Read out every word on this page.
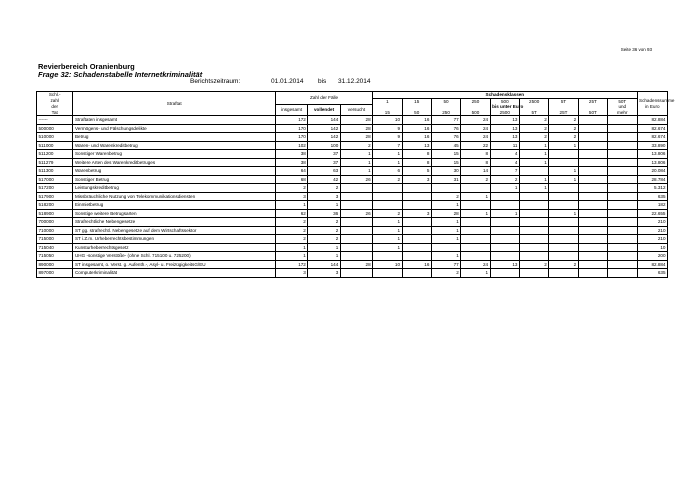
Seite 36 von 93
Revierbereich Oranienburg
Frage 32: Schadenstabelle Internetkriminalität
Berichtszeitraum:	01.01.2014 bis 31.12.2014
Schl.-	Straftat	Zahl der Fälle			Schadensklassen									Schadenssumme
in Euro
zahl					1	15	50	250	500	2500	5T	25T	50T	
der		insgesamt	vollendet	versucht					bis unter Euro				und	
Tat					15	50	250	500	2500	5T	25T	50T	mehr	
------	Straftaten insgesamt	172	144	28	10	16	77	24	13	2	2			82.884
500000	Vermögens- und Fälschungsdelikte	170	142	28	9	16	76	24	13	2	2			82.674
510000	Betrug	170	142	28	9	16	76	24	13	2	2			82.674
511000	Waren- und Warenkreditbetrug	102	100	2	7	13	45	22	11	1	1			33.890
511200	Sonstiger Warenbetrug	38	37	1	1	8	15	8	4	1				13.806
511279	Weitere Arten des Warenkreditbetruges	38	37	1	1	8	15	8	4	1				13.806
511300	Warenbetrug	64	63	1	6	5	30	14	7		1			20.084
517000	Sonstiger Betrug	68	42	26	2	3	31	2	2	1	1			28.784
517200	Leistungskreditbetrug	2	2						1	1				5.312
517900	Missbräuchliche Nutzung von Telekommunikationsdiensten	3	3				2	1						635
518200	Einmietbetrug	1	1				1							182
518900	Sonstige weitere Betrugsarten	62	36	26	2	3	28	1	1		1			22.655
700000	Strafrechtliche Nebengesetze	2	2		1		1							210
710000	ST gg. strafrechtl. Nebengesetze auf dem Wirtschaftssektor	2	2		1		1							210
715000	ST i.Z.m. Urheberrechtsbestimmungen	2	2		1		1							210
715040	Kunsturheberrechtsgesetz	1	1		1									10
715050	UHG -sonstige Verstöße- (ohne Schl. 715100 u. 725200)	1	1				1							200
890000	ST insgesamt, o. Verst. g. Aufenth.-, Asyl- u. FreizügigkeitsG/EU	172	144	28	10	16	77	24	13	2	2			82.884
897000	Computerkriminalität	3	3				2	1						635
